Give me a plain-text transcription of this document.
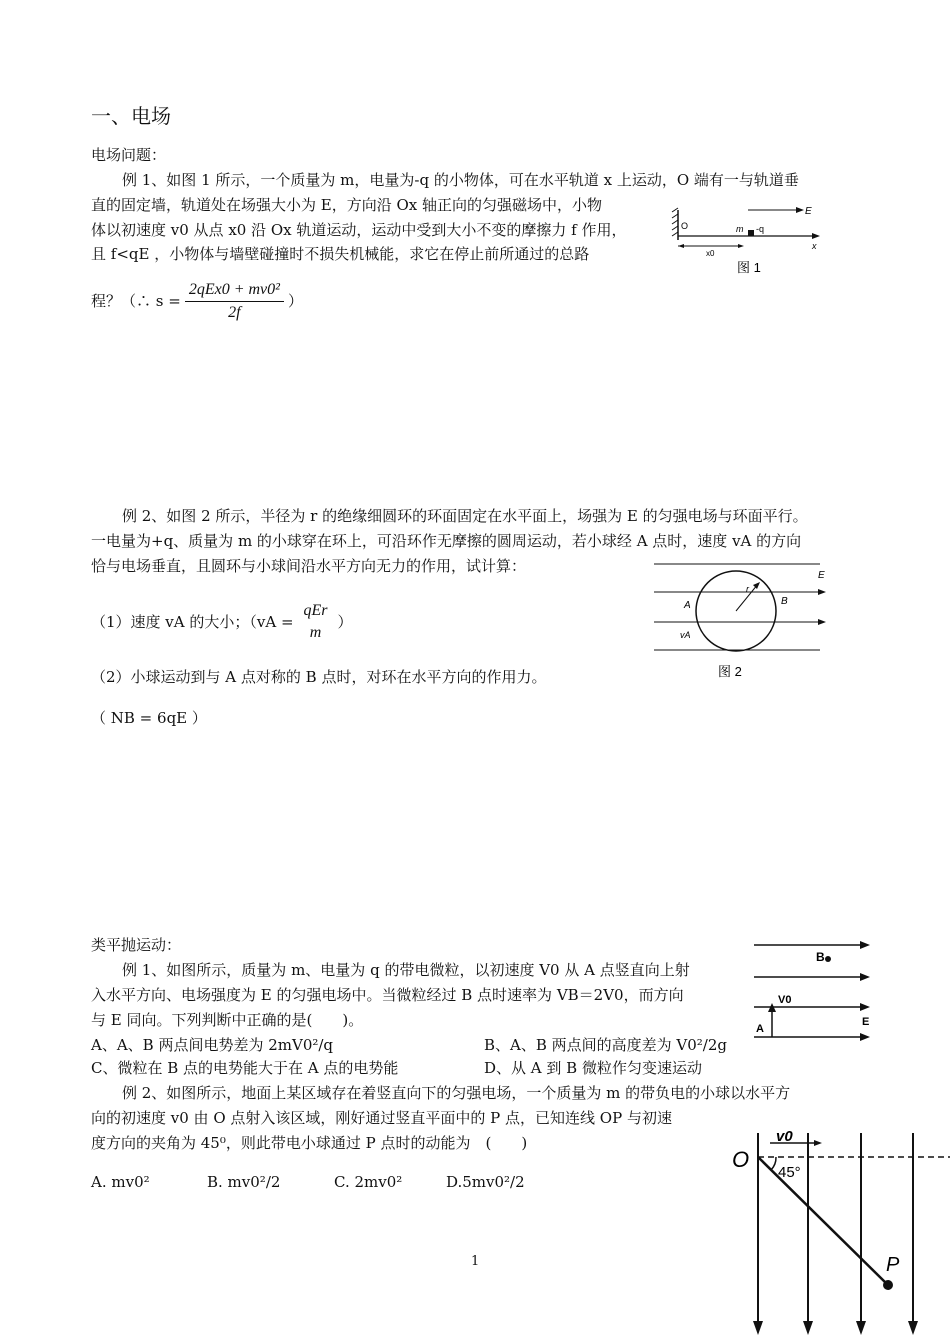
一、电场
电场问题：
例 1、如图 1 所示，一个质量为 m，电量为-q 的小物体，可在水平轨道 x 上运动，O 端有一与轨道垂
直的固定墙，轨道处在场强大小为 E，方向沿 Ox 轴正向的匀强磁场中，小物
体以初速度 v0 从点 x0 沿 Ox 轨道运动，运动中受到大小不变的摩擦力 f 作用，
且 f<qE ，小物体与墙壁碰撞时不损失机械能，求它在停止前所通过的总路
程？（∴ $s = \frac{\text{2qEx0 + mv0²}}{2f}$ ）
O
E
m -q
x0
x
图 1
例 2、如图 2 所示，半径为 r 的绝缘细圆环的环面固定在水平面上，场强为 E 的匀强电场与环面平行。
一电量为+q、质量为 m 的小球穿在环上，可沿环作无摩擦的圆周运动，若小球经 A 点时，速度 vA 的方向
恰与电场垂直，且圆环与小球间沿水平方向无力的作用，试计算：
（1）速度 vA 的大小；（vA =
qEr
m
）
（2）小球运动到与 A 点对称的 B 点时，对环在水平方向的作用力。
（ NB = 6qE ）
E
A	B
r
vA
图 2
类平抛运动：
例 1、如图所示，质量为 m、电量为 q 的带电微粒，以初速度 V0 从 A 点竖直向上射
入水平方向、电场强度为 E 的匀强电场中。当微粒经过 B 点时速率为 VB＝2V0，而方向
与 E 同向。下列判断中正确的是(　　)。
A、A、B 两点间电势差为 2mV0²/q	B、A、B 两点间的高度差为 V0²/2g
C、微粒在 B 点的电势能大于在 A 点的电势能	D、从 A 到 B 微粒作匀变速运动
B
V0
A
E
例 2、如图所示，地面上某区域存在着竖直向下的匀强电场，一个质量为 m 的带负电的小球以水平方
向的初速度 v0 由 O 点射入该区域，刚好通过竖直平面中的 P 点，已知连线 OP 与初速
度方向的夹角为 45⁰，则此带电小球通过 P 点时的动能为　(　　)
A. mv0²	B. mv0²/2	C. 2mv0²	D.5mv0²/2
O
v0
45°
P
1
